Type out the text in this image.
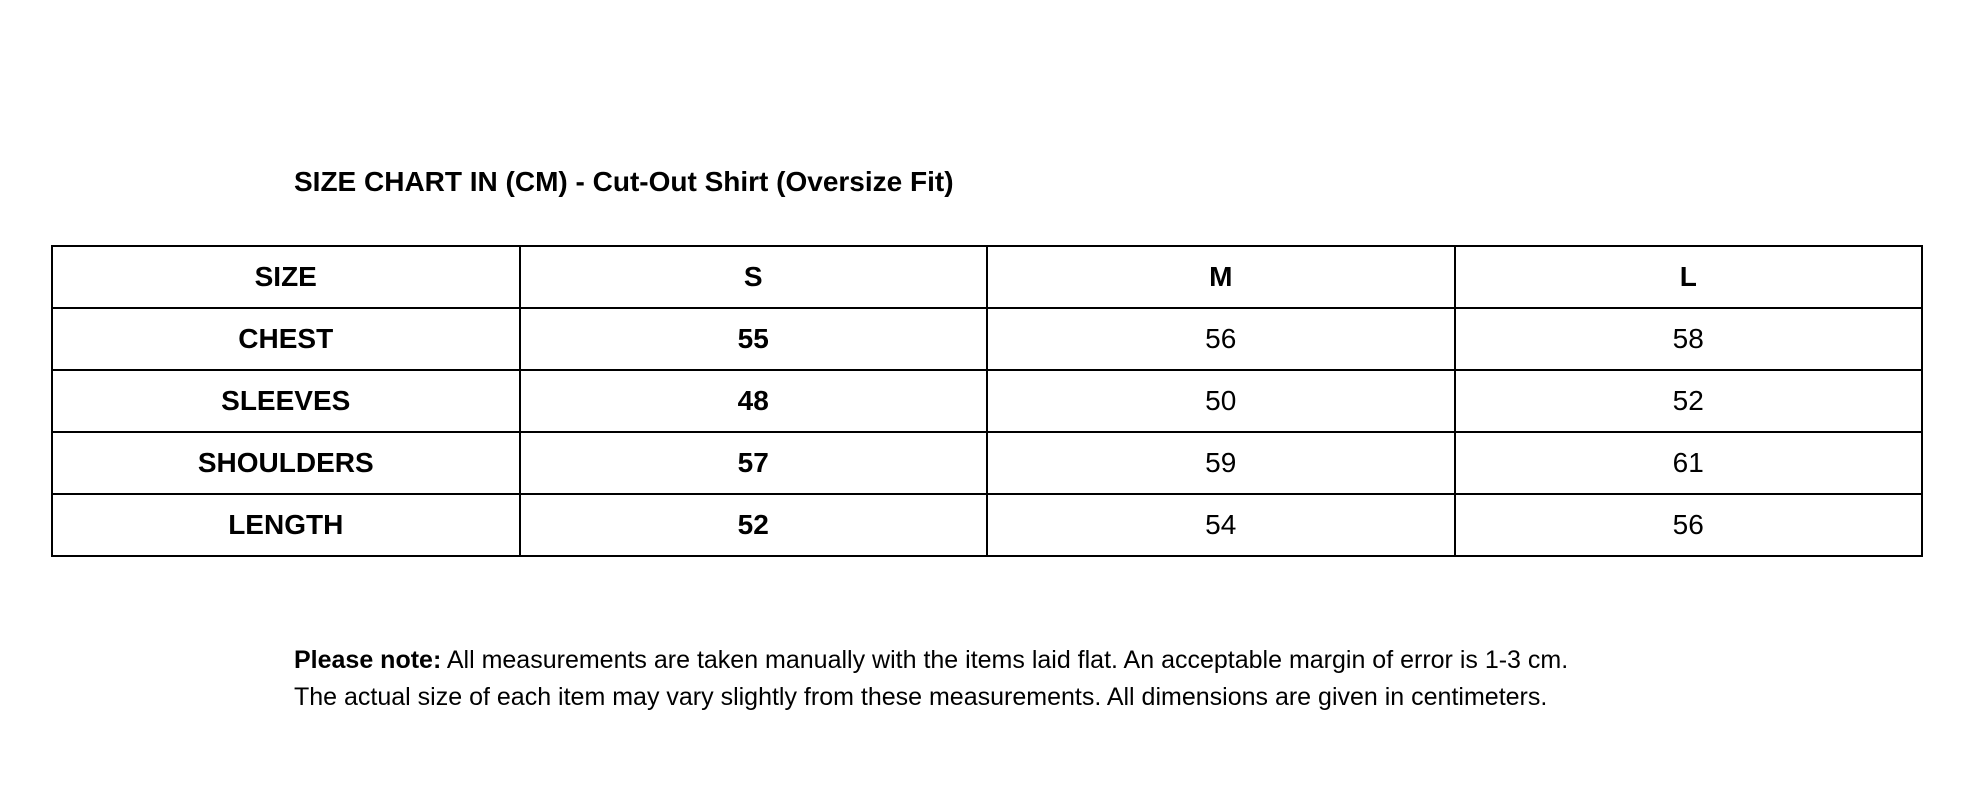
SIZE CHART IN (CM) - Cut-Out Shirt (Oversize Fit)
SIZE	S	M	L
CHEST	55	56	58
SLEEVES	48	50	52
SHOULDERS	57	59	61
LENGTH	52	54	56
Please note: All measurements are taken manually with the items laid flat. An acceptable margin of error is 1-3 cm.
The actual size of each item may vary slightly from these measurements. All dimensions are given in centimeters.
